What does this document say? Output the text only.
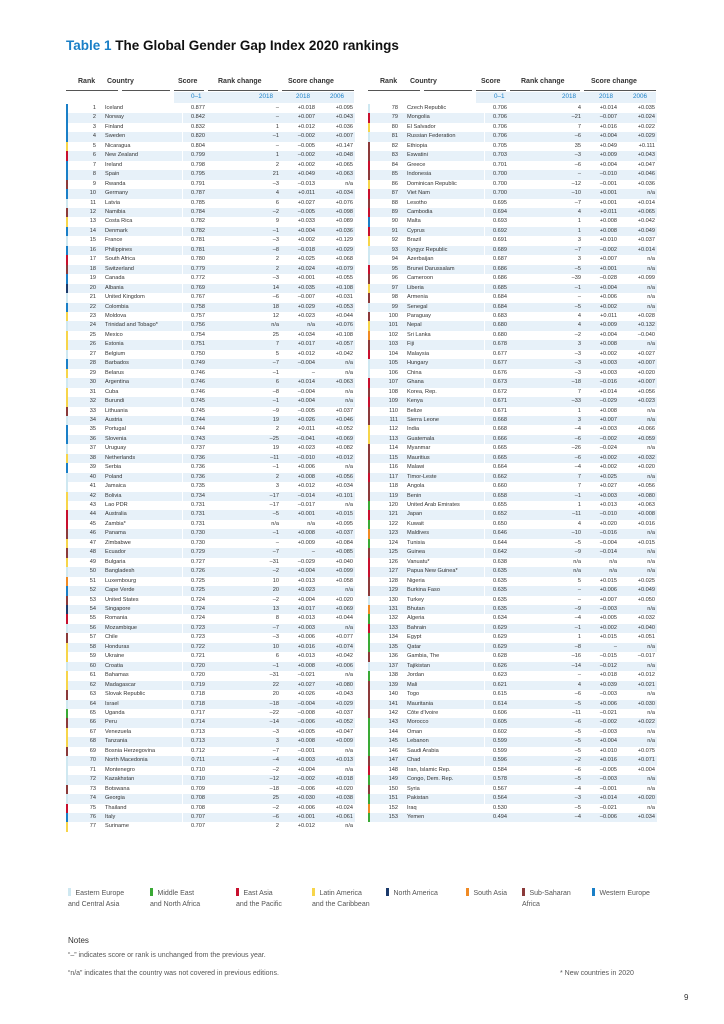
Table 1 The Global Gender Gap Index 2020 rankings
Rank Country	Score	Rank change	Score change
0–1	2018	2018	2006
Rank Country	Score	Rank change	Score change
0–1	2018	2018	2006
1	Iceland	0.877	–	+0.018	+0.095
2	Norway	0.842	–	+0.007	+0.043
3	Finland	0.832	1	+0.012	+0.036
4	Sweden	0.820	–1	–0.002	+0.007
5	Nicaragua	0.804	–	–0.005	+0.147
6	New Zealand	0.799	1	–0.002	+0.048
7	Ireland	0.798	2	+0.002	+0.065
8	Spain	0.795	21	+0.049	+0.063
9	Rwanda	0.791	–3	–0.013	n/a
10	Germany	0.787	4	+0.011	+0.034
11	Latvia	0.785	6	+0.027	+0.076
12	Namibia	0.784	–2	–0.005	+0.098
13	Costa Rica	0.782	9	+0.033	+0.089
14	Denmark	0.782	–1	+0.004	+0.036
15	France	0.781	–3	+0.002	+0.129
16	Philippines	0.781	–8	–0.018	+0.029
17	South Africa	0.780	2	+0.025	+0.068
18	Switzerland	0.779	2	+0.024	+0.079
19	Canada	0.772	–3	+0.001	+0.055
20	Albania	0.769	14	+0.035	+0.108
21	United Kingdom	0.767	–6	–0.007	+0.031
22	Colombia	0.758	18	+0.029	+0.053
23	Moldova	0.757	12	+0.023	+0.044
24	Trinidad and Tobago*	0.756	n/a	n/a	+0.076
25	Mexico	0.754	25	+0.034	+0.108
26	Estonia	0.751	7	+0.017	+0.057
27	Belgium	0.750	5	+0.012	+0.042
28	Barbados	0.749	–7	–0.004	n/a
29	Belarus	0.746	–1	–	n/a
30	Argentina	0.746	6	+0.014	+0.063
31	Cuba	0.746	–8	–0.004	n/a
32	Burundi	0.745	–1	+0.004	n/a
33	Lithuania	0.745	–9	–0.005	+0.037
34	Austria	0.744	19	+0.026	+0.046
35	Portugal	0.744	2	+0.011	+0.052
36	Slovenia	0.743	–25	–0.041	+0.069
37	Uruguay	0.737	19	+0.023	+0.082
38	Netherlands	0.736	–11	–0.010	+0.012
39	Serbia	0.736	–1	+0.006	n/a
40	Poland	0.736	2	+0.008	+0.056
41	Jamaica	0.735	3	+0.012	+0.034
42	Bolivia	0.734	–17	–0.014	+0.101
43	Lao PDR	0.731	–17	–0.017	n/a
44	Australia	0.731	–5	+0.001	+0.015
45	Zambia*	0.731	n/a	n/a	+0.095
46	Panama	0.730	–1	+0.008	+0.037
47	Zimbabwe	0.730	–	+0.009	+0.084
48	Ecuador	0.729	–7	–	+0.085
49	Bulgaria	0.727	–31	–0.029	+0.040
50	Bangladesh	0.726	–2	+0.004	+0.099
51	Luxembourg	0.725	10	+0.013	+0.058
52	Cape Verde	0.725	20	+0.023	n/a
53	United States	0.724	–2	+0.004	+0.020
54	Singapore	0.724	13	+0.017	+0.069
55	Romania	0.724	8	+0.013	+0.044
56	Mozambique	0.723	–7	+0.003	n/a
57	Chile	0.723	–3	+0.006	+0.077
58	Honduras	0.722	10	+0.016	+0.074
59	Ukraine	0.721	6	+0.013	+0.042
60	Croatia	0.720	–1	+0.008	+0.006
61	Bahamas	0.720	–31	–0.021	n/a
62	Madagascar	0.719	22	+0.027	+0.080
63	Slovak Republic	0.718	20	+0.026	+0.043
64	Israel	0.718	–18	–0.004	+0.029
65	Uganda	0.717	–22	–0.008	+0.037
66	Peru	0.714	–14	–0.006	+0.052
67	Venezuela	0.713	–3	+0.005	+0.047
68	Tanzania	0.713	3	+0.008	+0.009
69	Bosnia Herzegovina	0.712	–7	–0.001	n/a
70	North Macedonia	0.711	–4	+0.003	+0.013
71	Montenegro	0.710	–2	+0.004	n/a
72	Kazakhstan	0.710	–12	–0.002	+0.018
73	Botswana	0.709	–18	–0.006	+0.020
74	Georgia	0.708	25	+0.030	+0.038
75	Thailand	0.708	–2	+0.006	+0.024
76	Italy	0.707	–6	+0.001	+0.061
77	Suriname	0.707	2	+0.012	n/a
78	Czech Republic	0.706	4	+0.014	+0.035
79	Mongolia	0.706	–21	–0.007	+0.024
80	El Salvador	0.706	7	+0.016	+0.022
81	Russian Federation	0.706	–6	+0.004	+0.029
82	Ethiopia	0.705	35	+0.049	+0.111
83	Eswatini	0.703	–3	+0.009	+0.043
84	Greece	0.701	–6	+0.004	+0.047
85	Indonesia	0.700	–	–0.010	+0.046
86	Dominican Republic	0.700	–12	–0.001	+0.036
87	Viet Nam	0.700	–10	+0.001	n/a
88	Lesotho	0.695	–7	+0.001	+0.014
89	Cambodia	0.694	4	+0.011	+0.065
90	Malta	0.693	1	+0.008	+0.042
91	Cyprus	0.692	1	+0.008	+0.049
92	Brazil	0.691	3	+0.010	+0.037
93	Kyrgyz Republic	0.689	–7	–0.002	+0.014
94	Azerbaijan	0.687	3	+0.007	n/a
95	Brunei Darussalam	0.686	–5	+0.001	n/a
96	Cameroon	0.686	–39	–0.028	+0.099
97	Liberia	0.685	–1	+0.004	n/a
98	Armenia	0.684	–	+0.006	n/a
99	Senegal	0.684	–5	+0.002	n/a
100	Paraguay	0.683	4	+0.011	+0.028
101	Nepal	0.680	4	+0.009	+0.132
102	Sri Lanka	0.680	–2	+0.004	–0.040
103	Fiji	0.678	3	+0.008	n/a
104	Malaysia	0.677	–3	+0.002	+0.027
105	Hungary	0.677	–3	+0.003	+0.007
106	China	0.676	–3	+0.003	+0.020
107	Ghana	0.673	–18	–0.016	+0.007
108	Korea, Rep.	0.672	7	+0.014	+0.056
109	Kenya	0.671	–33	–0.029	+0.023
110	Belize	0.671	1	+0.008	n/a
111	Sierra Leone	0.668	3	+0.007	n/a
112	India	0.668	–4	+0.003	+0.066
113	Guatemala	0.666	–6	–0.002	+0.059
114	Myanmar	0.665	–26	–0.024	n/a
115	Mauritius	0.665	–6	+0.002	+0.032
116	Malawi	0.664	–4	+0.002	+0.020
117	Timor-Leste	0.662	7	+0.025	n/a
118	Angola	0.660	7	+0.027	+0.056
119	Benin	0.658	–1	+0.003	+0.080
120	United Arab Emirates	0.655	1	+0.013	+0.063
121	Japan	0.652	–11	–0.010	+0.008
122	Kuwait	0.650	4	+0.020	+0.016
123	Maldives	0.646	–10	–0.016	n/a
124	Tunisia	0.644	–5	–0.004	+0.015
125	Guinea	0.642	–9	–0.014	n/a
126	Vanuatu*	0.638	n/a	n/a	n/a
127	Papua New Guinea*	0.635	n/a	n/a	n/a
128	Nigeria	0.635	5	+0.015	+0.025
129	Burkina Faso	0.635	–	+0.006	+0.049
130	Turkey	0.635	–	+0.007	+0.050
131	Bhutan	0.635	–9	–0.003	n/a
132	Algeria	0.634	–4	+0.005	+0.032
133	Bahrain	0.629	–1	+0.002	+0.040
134	Egypt	0.629	1	+0.015	+0.051
135	Qatar	0.629	–8	–	n/a
136	Gambia, The	0.628	–16	–0.015	–0.017
137	Tajikistan	0.626	–14	–0.012	n/a
138	Jordan	0.623	–	+0.018	+0.012
139	Mali	0.621	4	+0.039	+0.021
140	Togo	0.615	–6	–0.003	n/a
141	Mauritania	0.614	–5	+0.006	+0.030
142	Côte d'Ivoire	0.606	–11	–0.021	n/a
143	Morocco	0.605	–6	–0.002	+0.022
144	Oman	0.602	–5	–0.003	n/a
145	Lebanon	0.599	–5	+0.004	n/a
146	Saudi Arabia	0.599	–5	+0.010	+0.075
147	Chad	0.596	–2	+0.016	+0.071
148	Iran, Islamic Rep.	0.584	–6	–0.005	+0.004
149	Congo, Dem. Rep.	0.578	–5	–0.003	n/a
150	Syria	0.567	–4	–0.001	n/a
151	Pakistan	0.564	–3	+0.014	+0.020
152	Iraq	0.530	–5	–0.021	n/a
153	Yemen	0.494	–4	–0.006	+0.034
Eastern Europe
and Central Asia
Middle East
and North Africa
East Asia
and the Pacific
Latin America
and the Caribbean
North America	South Asia	Sub-Saharan
Africa
Western Europe
Notes
“–” indicates score or rank is unchanged from the previous year.
“n/a” indicates that the country was not covered in previous editions.	* New countries in 2020
9
